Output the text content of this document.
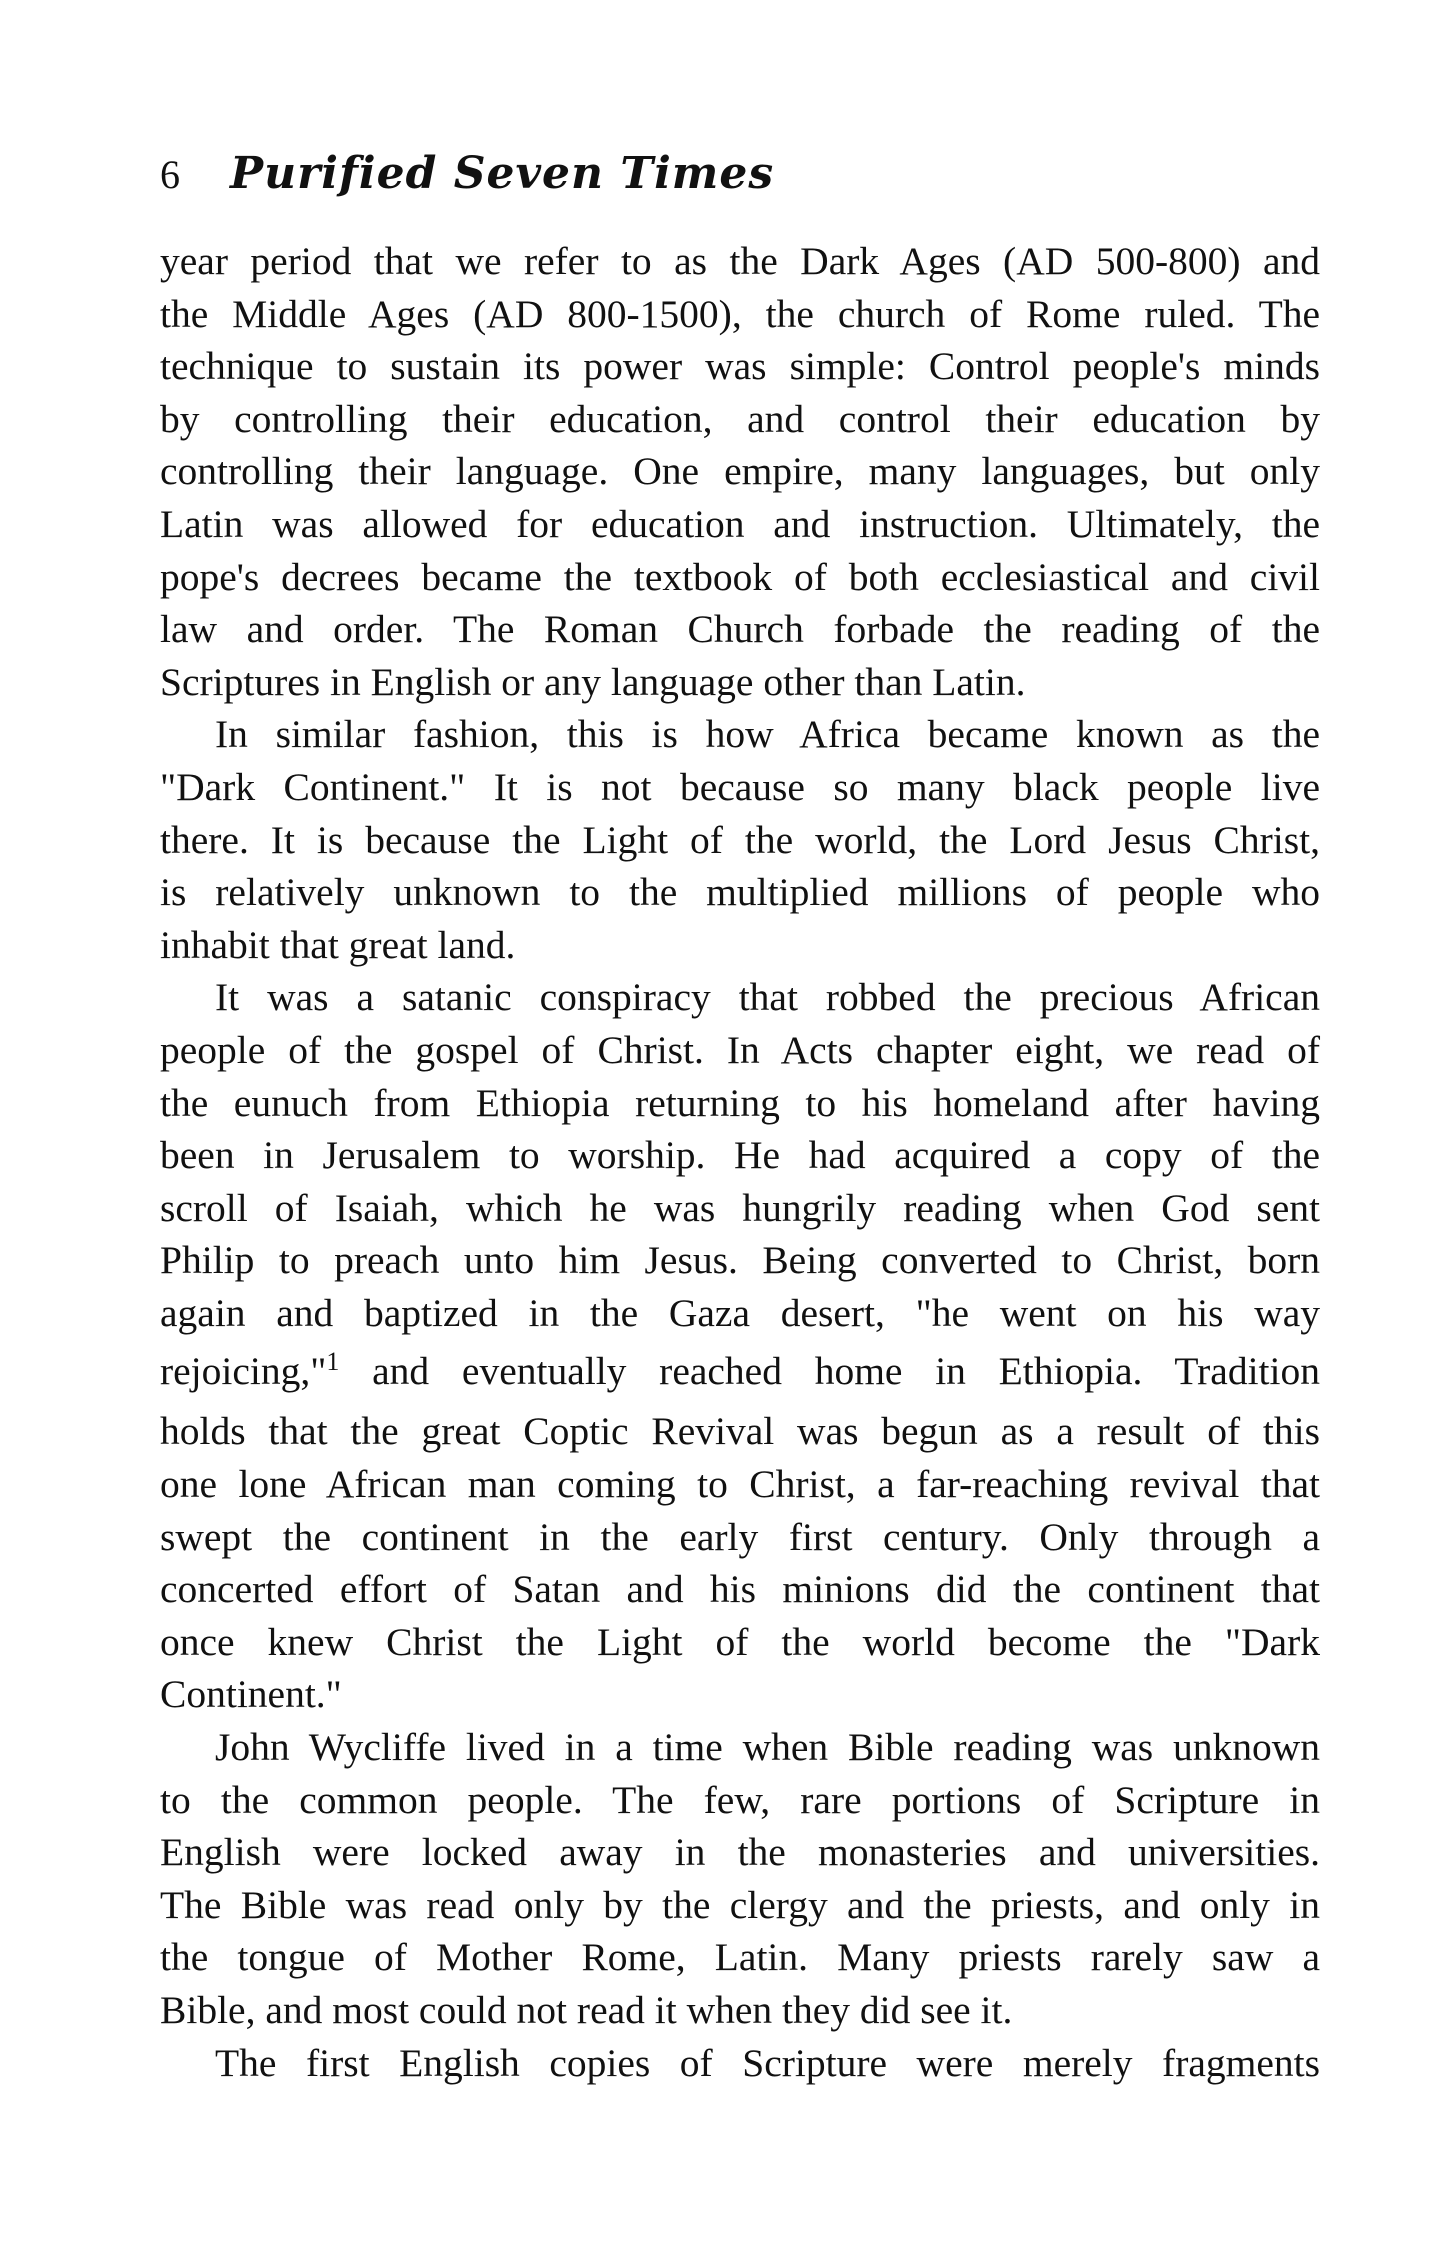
6	Purified Seven Times
year period that we refer to as the Dark Ages (AD 500-800) and
the Middle Ages (AD 800-1500), the church of Rome ruled. The
technique to sustain its power was simple: Control people's minds
by controlling their education, and control their education by
controlling their language. One empire, many languages, but only
Latin was allowed for education and instruction. Ultimately, the
pope's decrees became the textbook of both ecclesiastical and civil
law and order. The Roman Church forbade the reading of the
Scriptures in English or any language other than Latin.
In similar fashion, this is how Africa became known as the
"Dark Continent." It is not because so many black people live
there. It is because the Light of the world, the Lord Jesus Christ,
is relatively unknown to the multiplied millions of people who
inhabit that great land.
It was a satanic conspiracy that robbed the precious African
people of the gospel of Christ. In Acts chapter eight, we read of
the eunuch from Ethiopia returning to his homeland after having
been in Jerusalem to worship. He had acquired a copy of the
scroll of Isaiah, which he was hungrily reading when God sent
Philip to preach unto him Jesus. Being converted to Christ, born
again and baptized in the Gaza desert, "he went on his way
rejoicing,"$^1$ and eventually reached home in Ethiopia. Tradition
holds that the great Coptic Revival was begun as a result of this
one lone African man coming to Christ, a far-reaching revival that
swept the continent in the early first century. Only through a
concerted effort of Satan and his minions did the continent that
once knew Christ the Light of the world become the "Dark
Continent."
John Wycliffe lived in a time when Bible reading was unknown
to the common people. The few, rare portions of Scripture in
English were locked away in the monasteries and universities.
The Bible was read only by the clergy and the priests, and only in
the tongue of Mother Rome, Latin. Many priests rarely saw a
Bible, and most could not read it when they did see it.
The first English copies of Scripture were merely fragments
